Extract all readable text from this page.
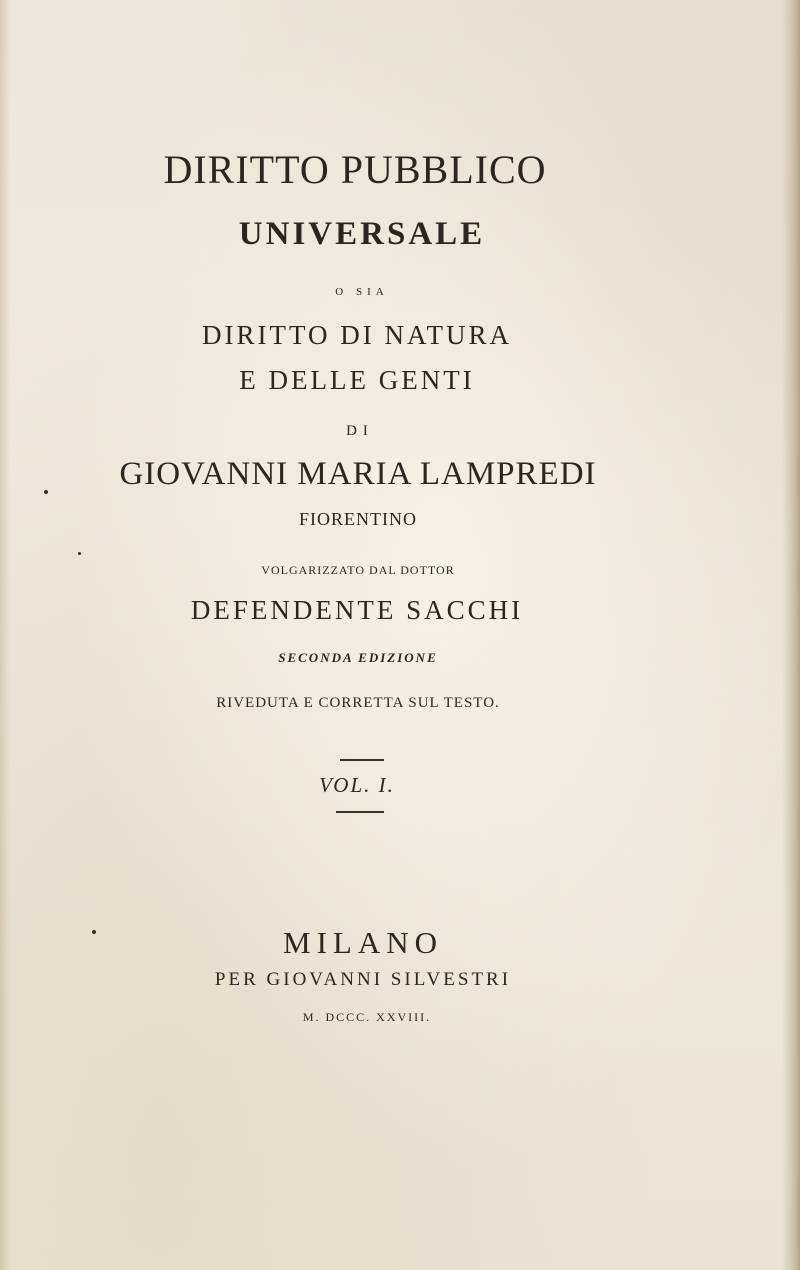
DIRITTO PUBBLICO

UNIVERSALE

O SIA

DIRITTO DI NATURA

E DELLE GENTI

DI

GIOVANNI MARIA LAMPREDI

FIORENTINO

VOLGARIZZATO DAL DOTTOR

DEFENDENTE SACCHI

SECONDA EDIZIONE

RIVEDUTA E CORRETTA SUL TESTO.

VOL. I.

MILANO

PER GIOVANNI SILVESTRI

M. DCCC. XXVIII.
